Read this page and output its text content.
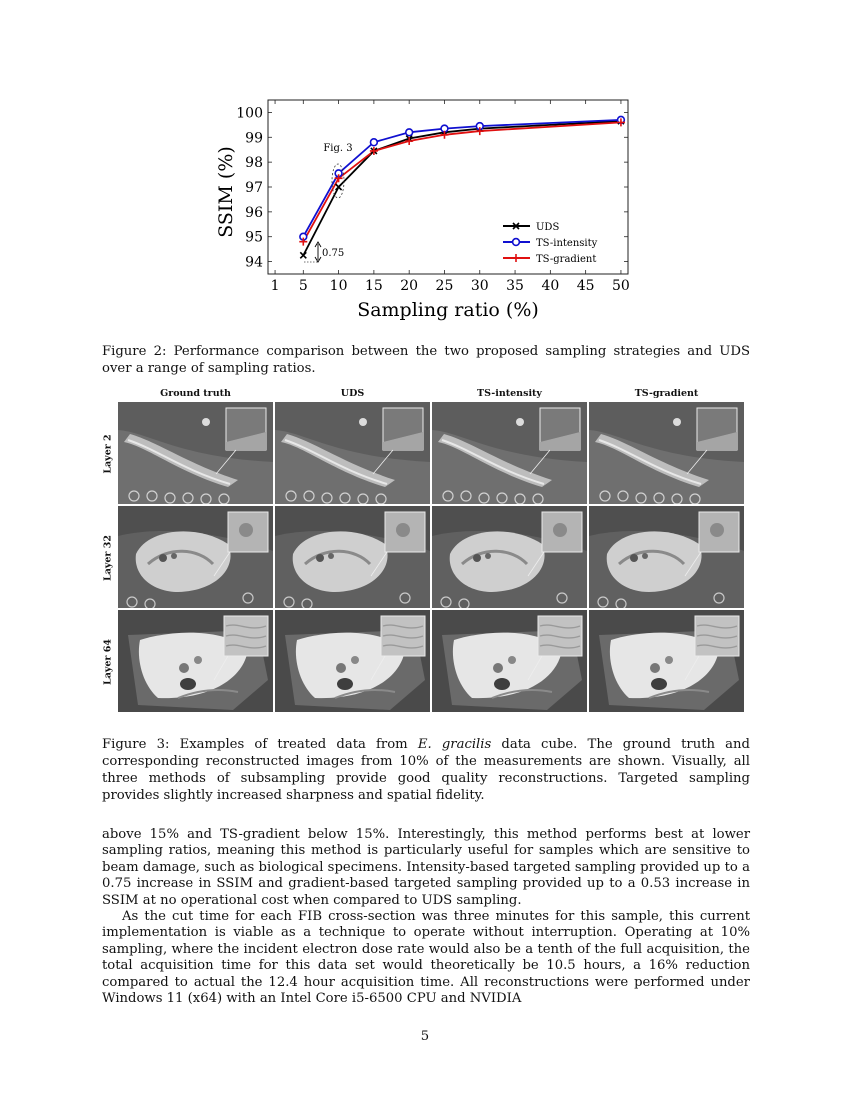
1 5 10 15 20 25 30 35 40 45 50
94
95
96
97
98
99
100
SSIM (%)
Sampling ratio (%)
Fig. 3
0.75
UDS
TS-intensity
TS-gradient

Figure 2: Performance comparison between the two proposed sampling strategies and UDS over a range of sampling ratios.

Ground truth	UDS	TS-intensity	TS-gradient
Layer 2
Layer 32
Layer 64

Figure 3: Examples of treated data from E. gracilis data cube. The ground truth and corresponding reconstructed images from 10% of the measurements are shown. Visually, all three methods of subsampling provide good quality reconstructions. Targeted sampling provides slightly increased sharpness and spatial fidelity.

above 15% and TS-gradient below 15%. Interestingly, this method performs best at lower sampling ratios, meaning this method is particularly useful for samples which are sensitive to beam damage, such as biological specimens. Intensity-based targeted sampling provided up to a 0.75 increase in SSIM and gradient-based targeted sampling provided up to a 0.53 increase in SSIM at no operational cost when compared to UDS sampling.

As the cut time for each FIB cross-section was three minutes for this sample, this current implementation is viable as a technique to operate without interruption. Operating at 10% sampling, where the incident electron dose rate would also be a tenth of the full acquisition, the total acquisition time for this data set would theoretically be 10.5 hours, a 16% reduction compared to actual the 12.4 hour acquisition time. All reconstructions were performed under Windows 11 (x64) with an Intel Core i5-6500 CPU and NVIDIA

5
